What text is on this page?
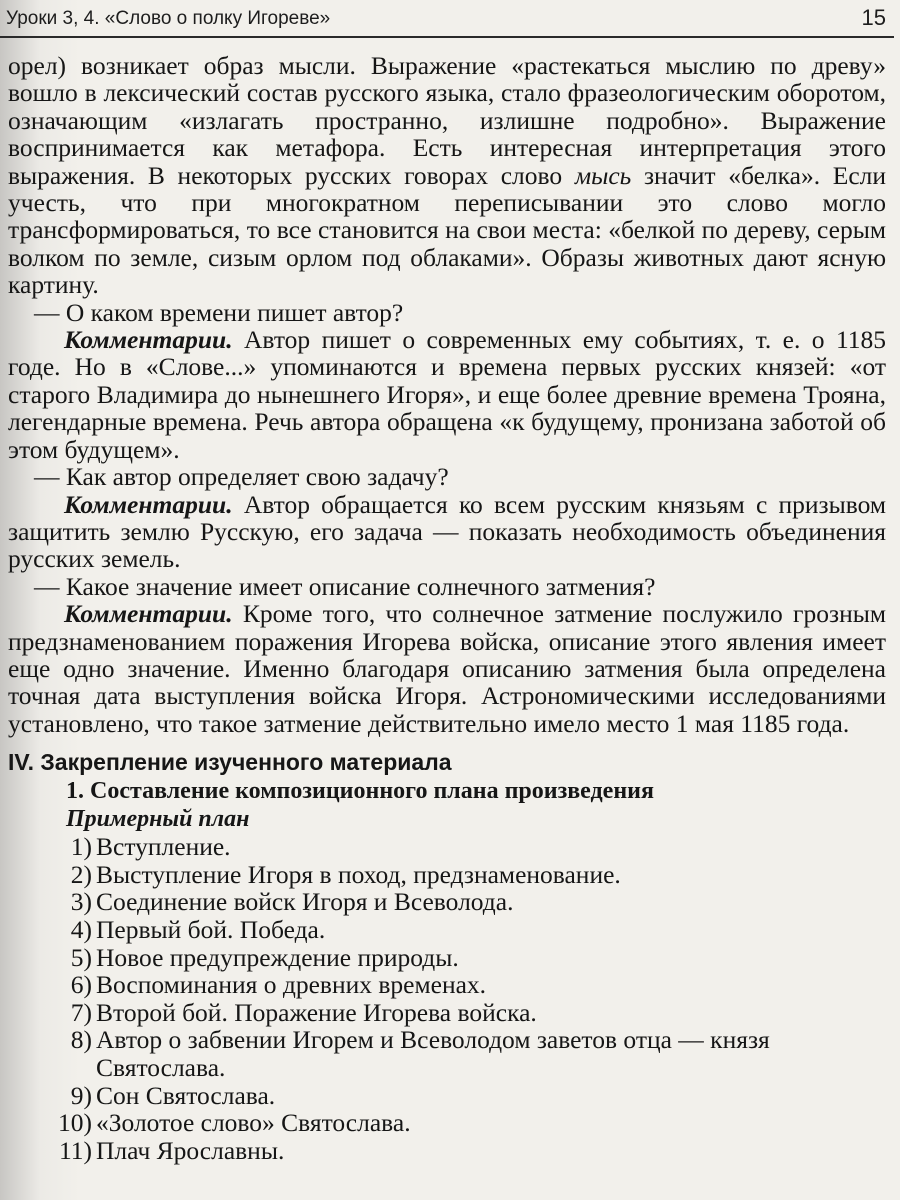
Уроки 3, 4. «Слово о полку Игореве»	15

орел) возникает образ мысли. Выражение «растекаться мыслию по древу» вошло в лексический состав русского языка, стало фразеологическим оборотом, означающим «излагать пространно, излишне подробно». Выражение воспринимается как метафора. Есть интересная интерпретация этого выражения. В некоторых русских говорах слово мысь значит «белка». Если учесть, что при многократном переписывании это слово могло трансформироваться, то все становится на свои места: «белкой по дереву, серым волком по земле, сизым орлом под облаками». Образы животных дают ясную картину.

— О каком времени пишет автор?

Комментарии. Автор пишет о современных ему событиях, т. е. о 1185 годе. Но в «Слове...» упоминаются и времена первых русских князей: «от старого Владимира до нынешнего Игоря», и еще более древние времена Трояна, легендарные времена. Речь автора обращена «к будущему, пронизана заботой об этом будущем».

— Как автор определяет свою задачу?

Комментарии. Автор обращается ко всем русским князьям с призывом защитить землю Русскую, его задача — показать необходимость объединения русских земель.

— Какое значение имеет описание солнечного затмения?

Комментарии. Кроме того, что солнечное затмение послужило грозным предзнаменованием поражения Игорева войска, описание этого явления имеет еще одно значение. Именно благодаря описанию затмения была определена точная дата выступления войска Игоря. Астрономическими исследованиями установлено, что такое затмение действительно имело место 1 мая 1185 года.

IV. Закрепление изученного материала
1. Составление композиционного плана произведения
Примерный план
1) Вступление.
2) Выступление Игоря в поход, предзнаменование.
3) Соединение войск Игоря и Всеволода.
4) Первый бой. Победа.
5) Новое предупреждение природы.
6) Воспоминания о древних временах.
7) Второй бой. Поражение Игорева войска.
8) Автор о забвении Игорем и Всеволодом заветов отца — князя Святослава.
9) Сон Святослава.
10) «Золотое слово» Святослава.
11) Плач Ярославны.
